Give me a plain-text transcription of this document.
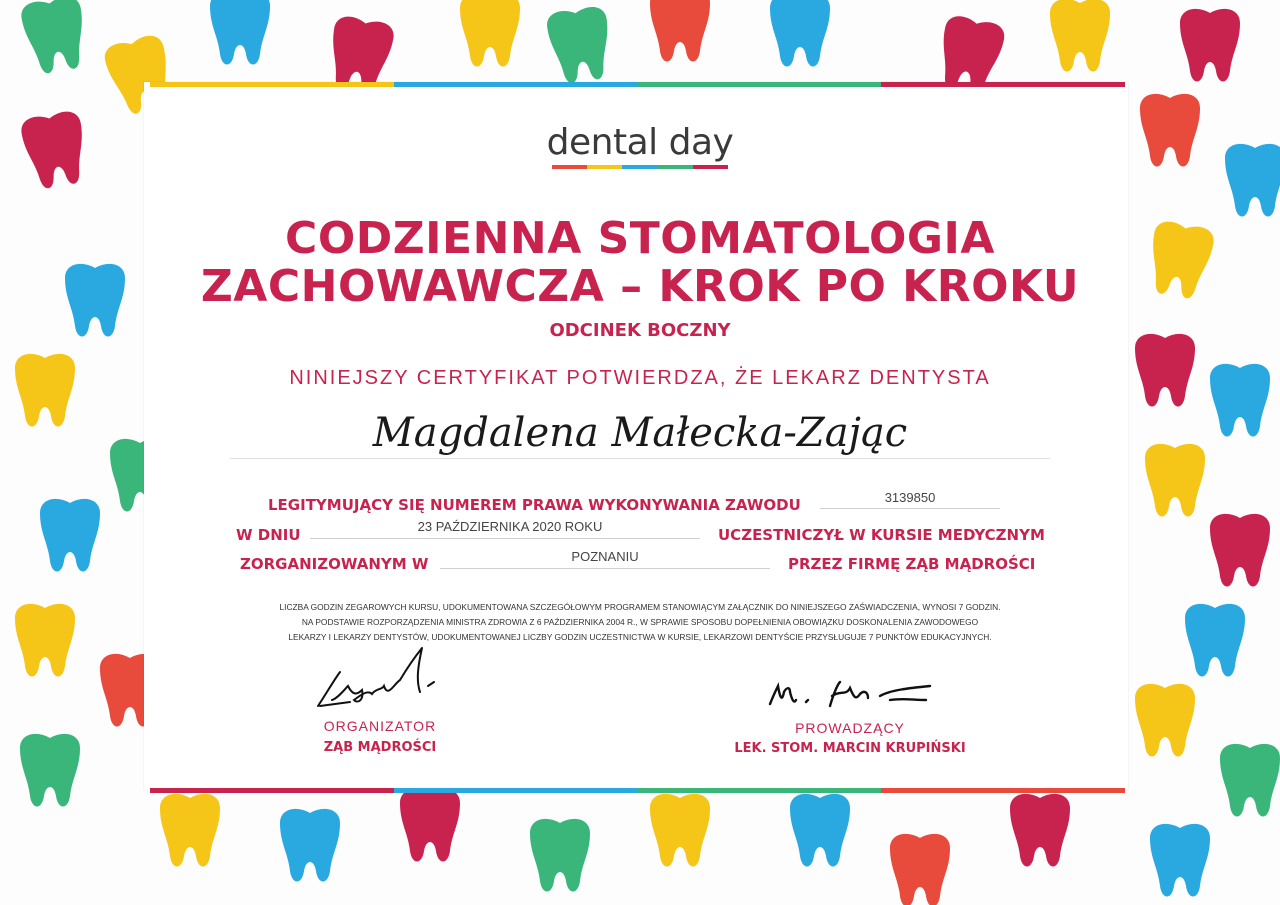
dental day
CODZIENNA STOMATOLOGIA
ZACHOWAWCZA – KROK PO KROKU
ODCINEK BOCZNY
NINIEJSZY CERTYFIKAT POTWIERDZA, ŻE LEKARZ DENTYSTA
Magdalena Małecka-Zając
LEGITYMUJĄCY SIĘ NUMEREM PRAWA WYKONYWANIA ZAWODU	3139850
W DNIU	23 PAŹDZIERNIKA 2020 ROKU	UCZESTNICZYŁ W KURSIE MEDYCZNYM
ZORGANIZOWANYM W	POZNANIU	PRZEZ FIRMĘ ZĄB MĄDROŚCI
LICZBA GODZIN ZEGAROWYCH KURSU, UDOKUMENTOWANA SZCZEGÓŁOWYM PROGRAMEM STANOWIĄCYM ZAŁĄCZNIK DO NINIEJSZEGO ZAŚWIADCZENIA, WYNOSI 7 GODZIN.
NA PODSTAWIE ROZPORZĄDZENIA MINISTRA ZDROWIA Z 6 PAŹDZIERNIKA 2004 R., W SPRAWIE SPOSOBU DOPEŁNIENIA OBOWIĄZKU DOSKONALENIA ZAWODOWEGO
LEKARZY I LEKARZY DENTYSTÓW, UDOKUMENTOWANEJ LICZBY GODZIN UCZESTNICTWA W KURSIE, LEKARZOWI DENTYŚCIE PRZYSŁUGUJE 7 PUNKTÓW EDUKACYJNYCH.
ORGANIZATOR
ZĄB MĄDROŚCI
PROWADZĄCY
LEK. STOM. MARCIN KRUPIŃSKI
